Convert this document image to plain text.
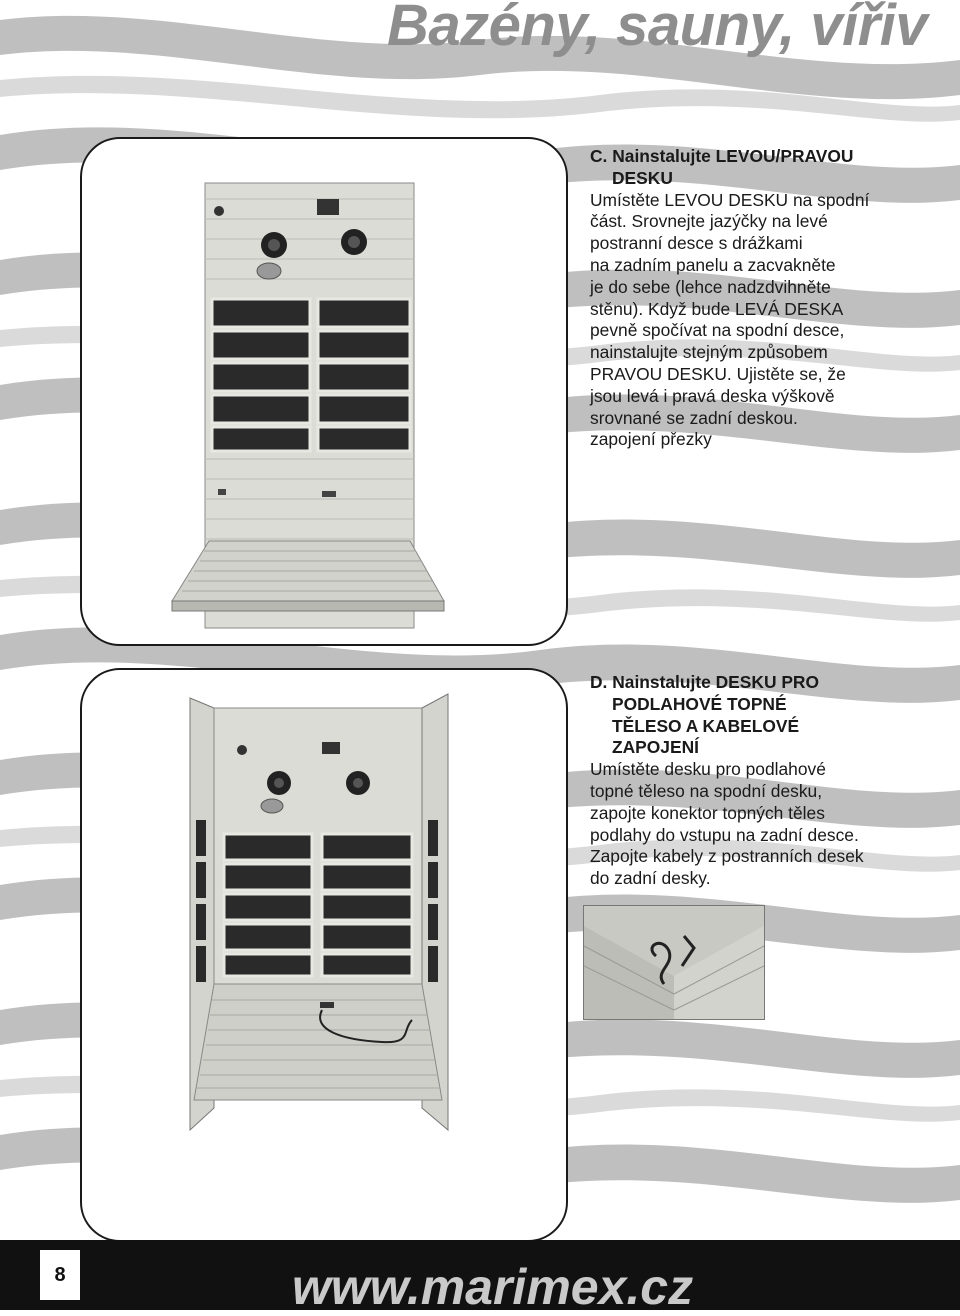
Bazény, sauny, vířiv
C. Nainstalujte LEVOU/PRAVOU
DESKU
Umístěte LEVOU DESKU na spodní
část. Srovnejte jazýčky na levé
postranní desce s drážkami
na zadním panelu a zacvakněte
je do sebe (lehce nadzdvihněte
stěnu). Když bude LEVÁ DESKA
pevně spočívat na spodní desce,
nainstalujte stejným způsobem
PRAVOU DESKU. Ujistěte se, že
jsou levá i pravá deska výškově
srovnané se zadní deskou.
zapojení přezky
D. Nainstalujte DESKU PRO
PODLAHOVÉ TOPNÉ
TĚLESO A KABELOVÉ
ZAPOJENÍ
Umístěte desku pro podlahové
topné těleso na spodní desku,
zapojte konektor topných těles
podlahy do vstupu na zadní desce.
Zapojte kabely z postranních desek
do zadní desky.
8	www.marimex.cz
